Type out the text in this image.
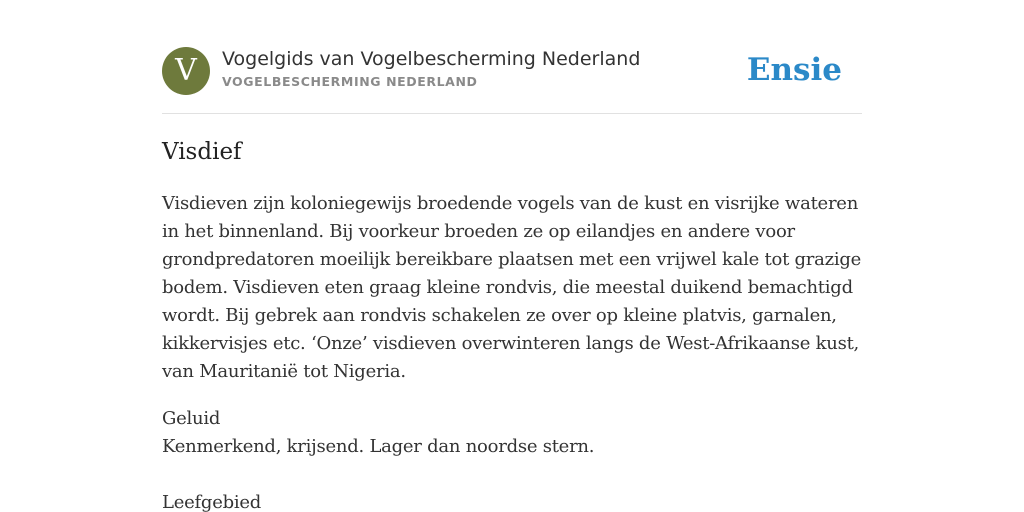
V	Vogelgids van Vogelbescherming Nederland
VOGELBESCHERMING NEDERLAND	Ensie
Visdief

Visdieven zijn koloniegewijs broedende vogels van de kust en visrijke wateren in het binnenland. Bij voorkeur broeden ze op eilandjes en andere voor grondpredatoren moeilijk bereikbare plaatsen met een vrijwel kale tot grazige bodem. Visdieven eten graag kleine rondvis, die meestal duikend bemachtigd wordt. Bij gebrek aan rondvis schakelen ze over op kleine platvis, garnalen, kikkervisjes etc. ‘Onze’ visdieven overwinteren langs de West-Afrikaanse kust, van Mauritanië tot Nigeria.

Geluid
Kenmerkend, krijsend. Lager dan noordse stern.
Leefgebied
